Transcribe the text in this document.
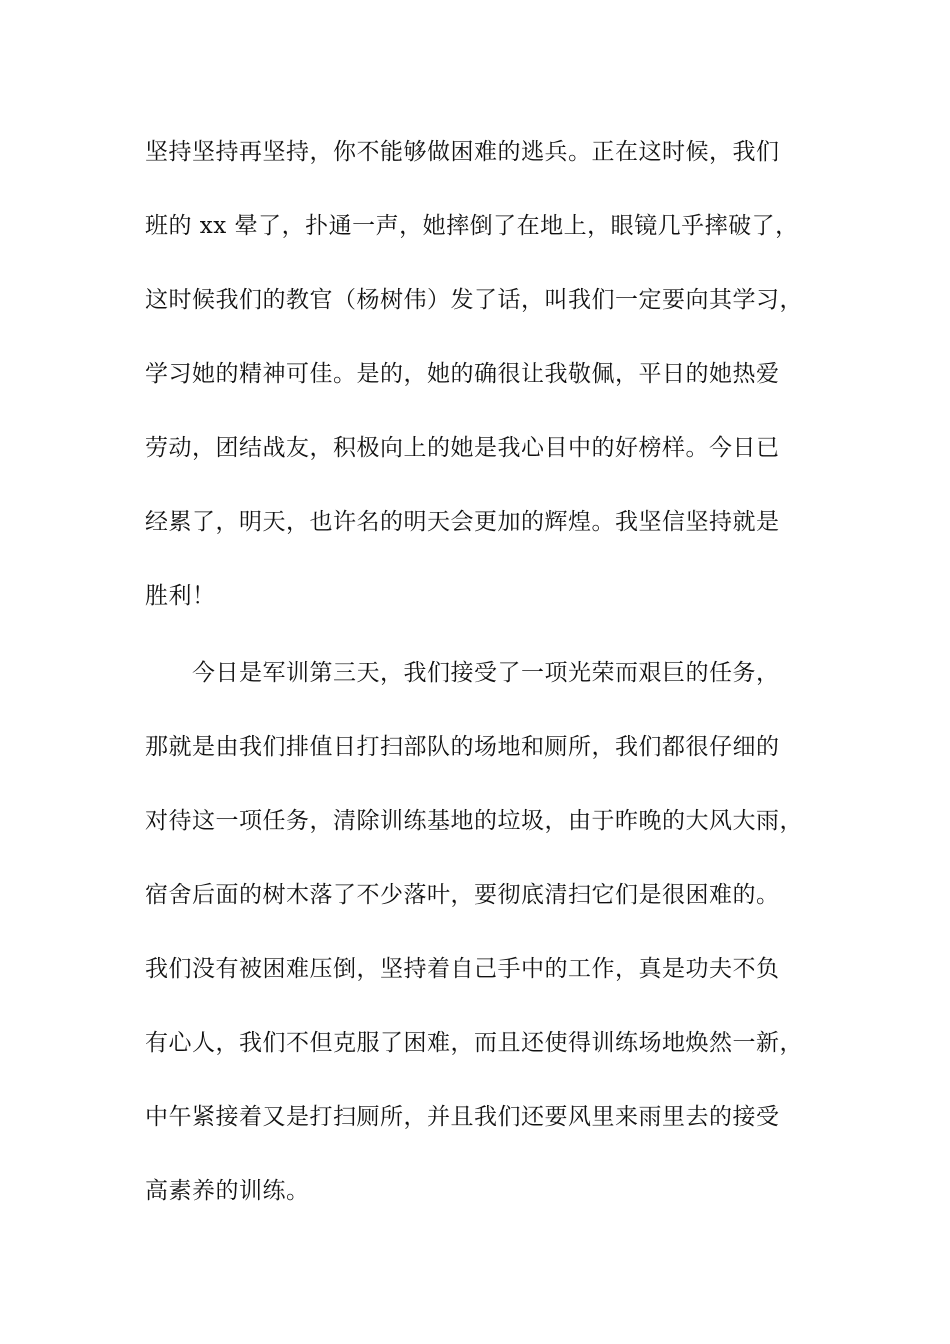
坚持坚持再坚持，你不能够做困难的逃兵。正在这时候，我们
班的 xx 晕了，扑通一声，她摔倒了在地上，眼镜几乎摔破了，
这时候我们的教官（杨树伟）发了话，叫我们一定要向其学习，
学习她的精神可佳。是的，她的确很让我敬佩，平日的她热爱
劳动，团结战友，积极向上的她是我心目中的好榜样。今日已
经累了，明天，也许名的明天会更加的辉煌。我坚信坚持就是
胜利！
今日是军训第三天，我们接受了一项光荣而艰巨的任务，
那就是由我们排值日打扫部队的场地和厕所，我们都很仔细的
对待这一项任务，清除训练基地的垃圾，由于昨晚的大风大雨，
宿舍后面的树木落了不少落叶，要彻底清扫它们是很困难的。
我们没有被困难压倒，坚持着自己手中的工作，真是功夫不负
有心人，我们不但克服了困难，而且还使得训练场地焕然一新，
中午紧接着又是打扫厕所，并且我们还要风里来雨里去的接受
高素养的训练。
